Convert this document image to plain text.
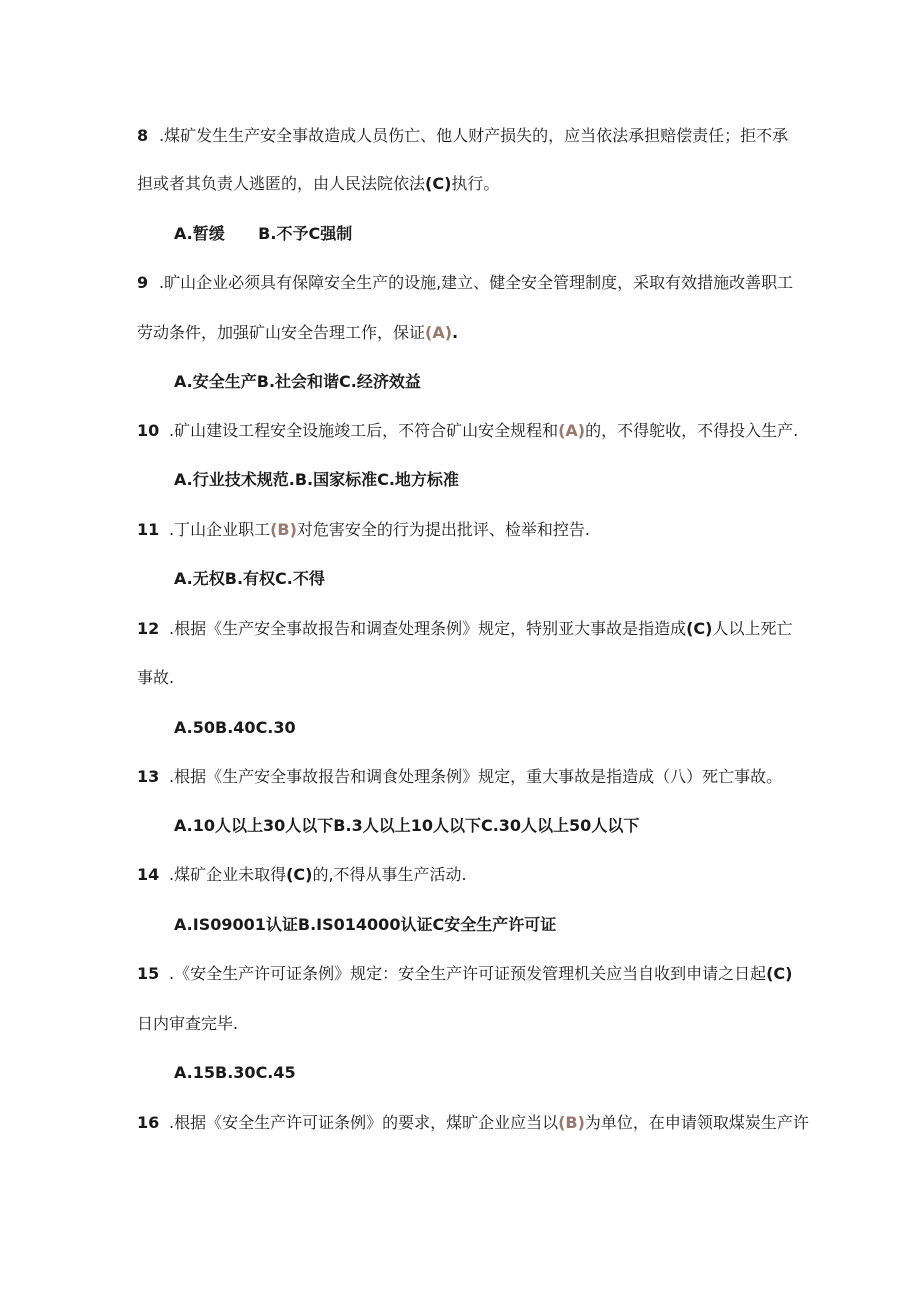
8 .煤矿发生生产安全事故造成人员伤亡、他人财产损失的，应当依法承担赔偿责任；拒不承
担或者其负责人逃匿的，由人民法院依法(C)执行。
A.暂缓      B.不予C强制
9 .旷山企业必须具有保障安全生产的设施,建立、健全安全管理制度，采取有效措施改善职工
劳动条件，加强矿山安全告理工作，保证(A).
A.安全生产B.社会和谐C.经济效益
10 .矿山建设工程安全设施竣工后，不符合矿山安全规程和(A)的，不得鸵收，不得投入生产.
A.行业技术规范.B.国家标准C.地方标准
11 .丁山企业职工(B)对危害安全的行为提出批评、检举和控告.
A.无权B.有权C.不得
12 .根据《生产安全事故报告和调查处理条例》规定，特别亚大事故是指造成(C)人以上死亡
事故.
A.50B.40C.30
13 .根据《生产安全事故报告和调食处理条例》规定，重大事故是指造成（八）死亡事故。
A.10人以上30人以下B.3人以上10人以下C.30人以上50人以下
14 .煤矿企业未取得(C)的,不得从事生产活动.
A.IS09001认证B.IS014000认证C安全生产许可证
15 .《安全生产许可证条例》规定：安全生产许可证预发管理机关应当自收到申请之日起(C)
日内审查完毕.
A.15B.30C.45
16 .根据《安全生产许可证条例》的要求，煤旷企业应当以(B)为单位，在申请领取煤炭生产许
